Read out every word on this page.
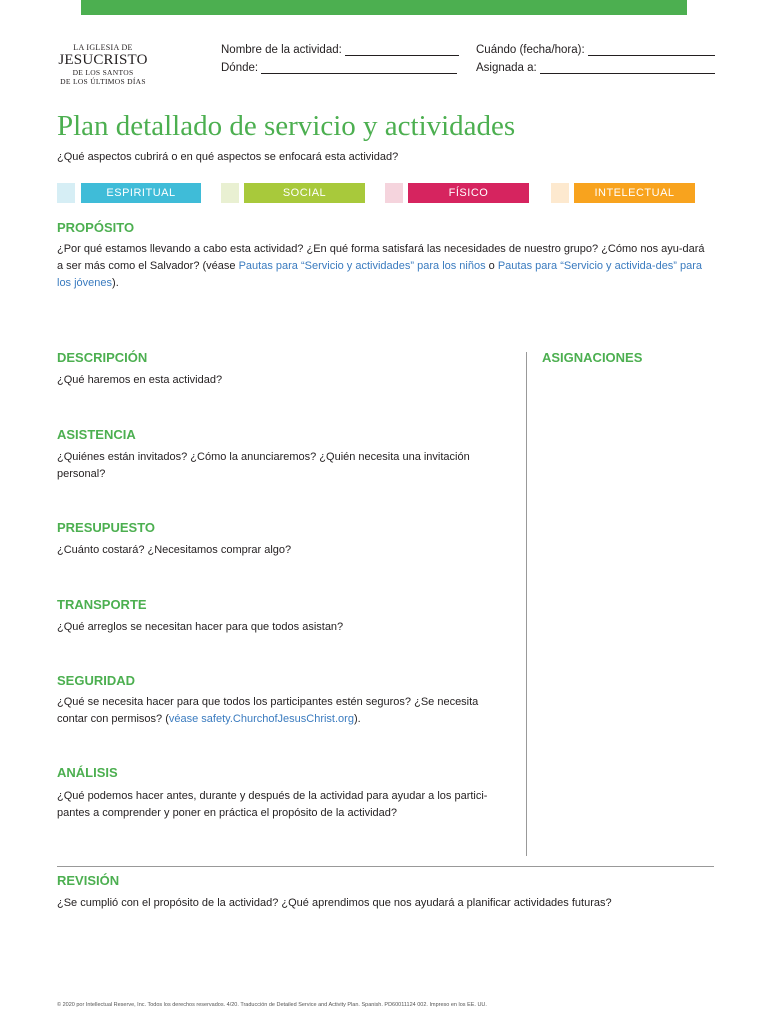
LA IGLESIA DE
JESUCRISTO
DE LOS SANTOS
DE LOS ÚLTIMOS DÍAS
Nombre de la actividad:
Dónde:
Cuándo (fecha/hora):
Asignada a:
Plan detallado de servicio y actividades
¿Qué aspectos cubrirá o en qué aspectos se enfocará esta actividad?
ESPIRITUAL	SOCIAL	FÍSICO	INTELECTUAL
PROPÓSITO
¿Por qué estamos llevando a cabo esta actividad? ¿En qué forma satisfará las necesidades de nuestro grupo? ¿Cómo nos ayu-dará a ser más como el Salvador? (véase Pautas para “Servicio y actividades” para los niños o Pautas para “Servicio y activida-des” para los jóvenes).
DESCRIPCIÓN
¿Qué haremos en esta actividad?
ASIGNACIONES
ASISTENCIA
¿Quiénes están invitados? ¿Cómo la anunciaremos? ¿Quién necesita una invitación personal?
PRESUPUESTO
¿Cuánto costará? ¿Necesitamos comprar algo?
TRANSPORTE
¿Qué arreglos se necesitan hacer para que todos asistan?
SEGURIDAD
¿Qué se necesita hacer para que todos los participantes estén seguros? ¿Se necesita contar con permisos? (véase safety.ChurchofJesusChrist.org).
ANÁLISIS
¿Qué podemos hacer antes, durante y después de la actividad para ayudar a los partici-pantes a comprender y poner en práctica el propósito de la actividad?
REVISIÓN
¿Se cumplió con el propósito de la actividad? ¿Qué aprendimos que nos ayudará a planificar actividades futuras?
© 2020 por Intellectual Reserve, Inc. Todos los derechos reservados. 4/20. Traducción de Detailed Service and Activity Plan. Spanish. PD60011124 002. Impreso en los EE. UU.
